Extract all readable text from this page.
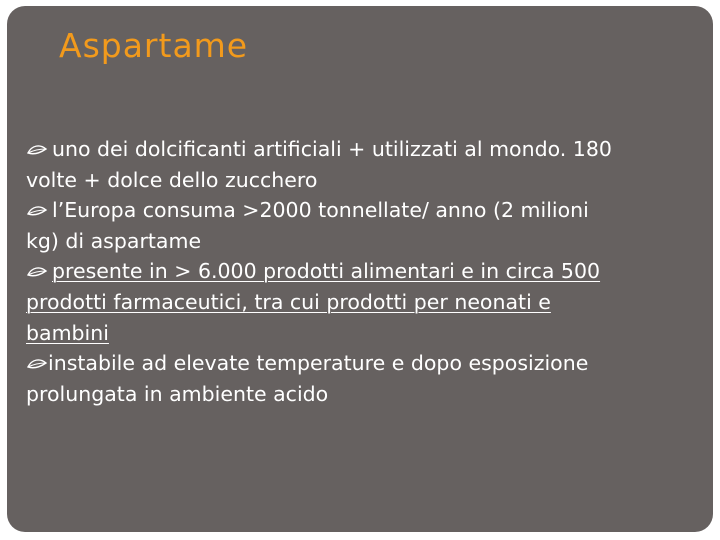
Aspartame
uno dei dolcificanti artificiali + utilizzati al mondo. 180
volte + dolce dello zucchero
l’Europa consuma >2000 tonnellate/ anno (2 milioni
kg) di aspartame
presente in > 6.000 prodotti alimentari e in circa 500
prodotti farmaceutici, tra cui prodotti per neonati e
bambini
instabile ad elevate temperature e dopo esposizione
prolungata in ambiente acido
